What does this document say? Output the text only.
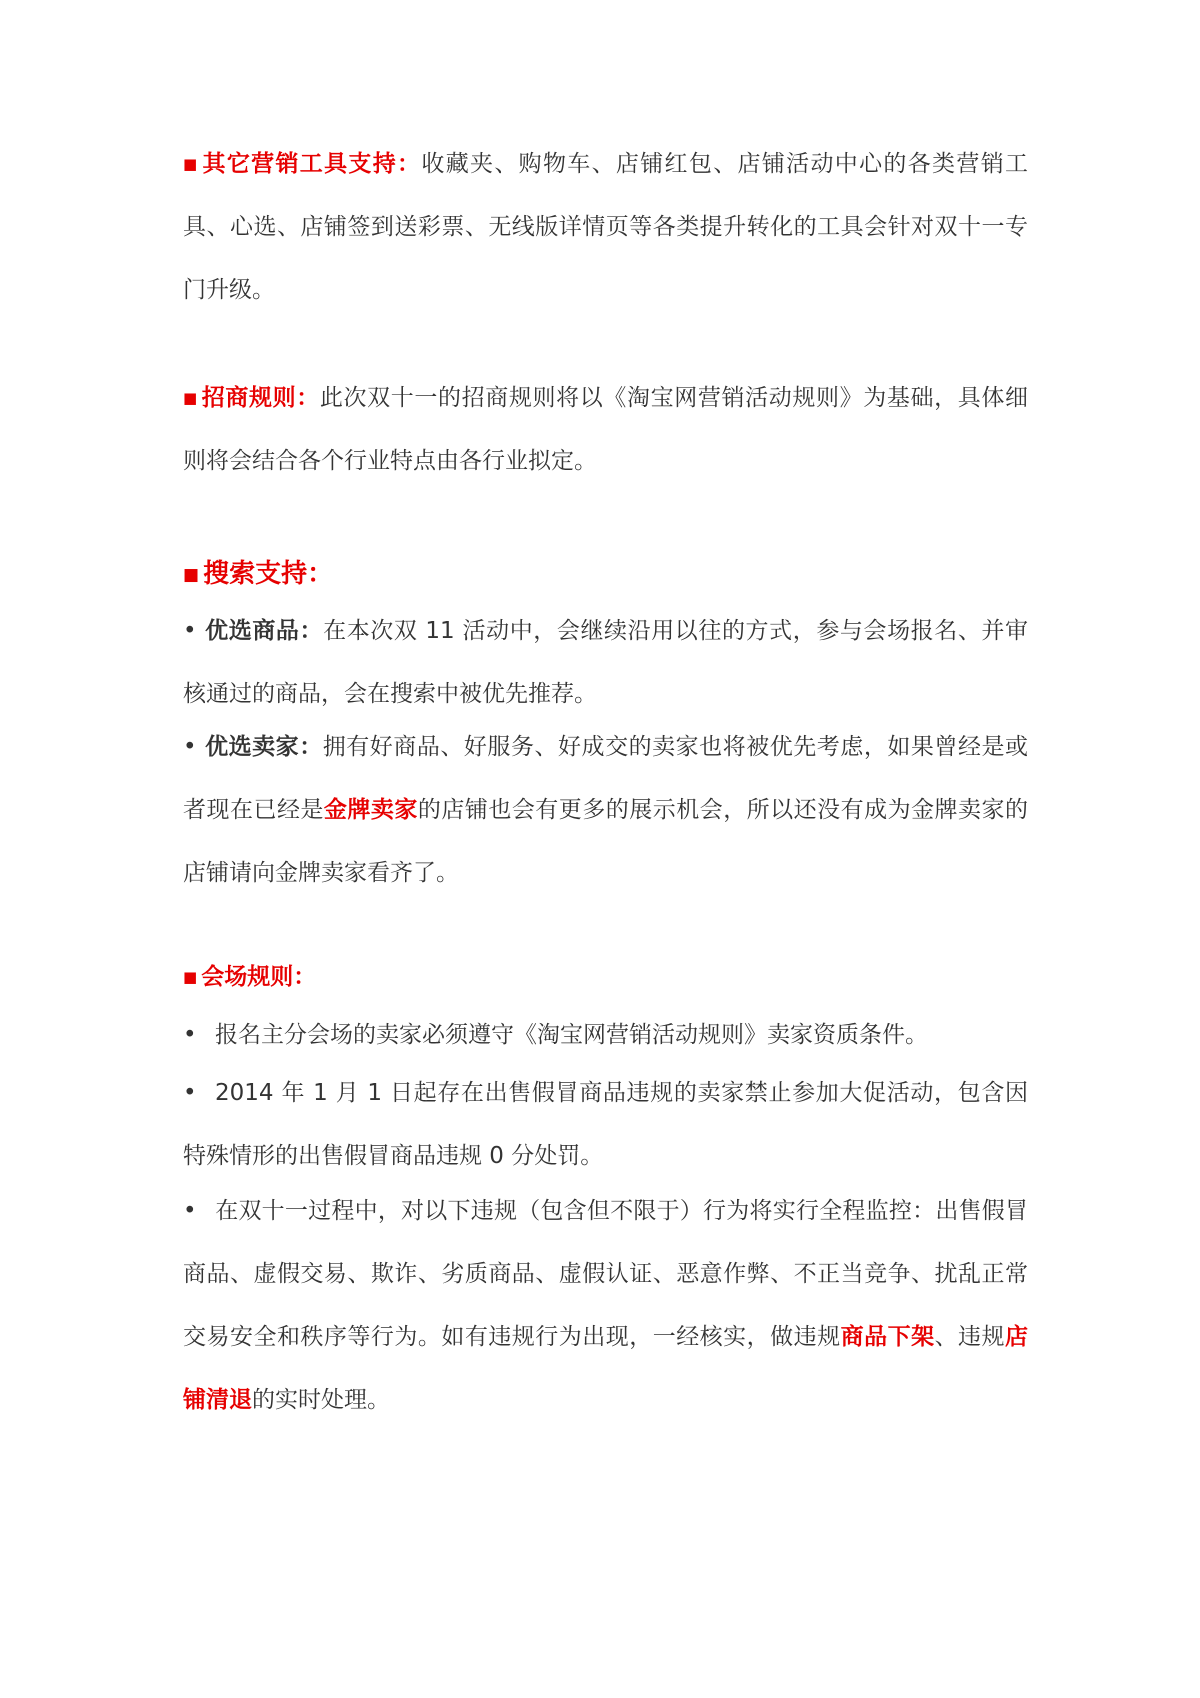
■ 其它营销工具支持：收藏夹、购物车、店铺红包、店铺活动中心的各类营销工具、心选、店铺签到送彩票、无线版详情页等各类提升转化的工具会针对双十一专门升级。

■ 招商规则：此次双十一的招商规则将以《淘宝网营销活动规则》为基础，具体细则将会结合各个行业特点由各行业拟定。

■ 搜索支持：

• 优选商品：在本次双 11 活动中，会继续沿用以往的方式，参与会场报名、并审核通过的商品，会在搜索中被优先推荐。

• 优选卖家：拥有好商品、好服务、好成交的卖家也将被优先考虑，如果曾经是或者现在已经是金牌卖家的店铺也会有更多的展示机会，所以还没有成为金牌卖家的店铺请向金牌卖家看齐了。

■ 会场规则：

• 报名主分会场的卖家必须遵守《淘宝网营销活动规则》卖家资质条件。

• 2014 年 1 月 1 日起存在出售假冒商品违规的卖家禁止参加大促活动，包含因特殊情形的出售假冒商品违规 0 分处罚。

• 在双十一过程中，对以下违规（包含但不限于）行为将实行全程监控：出售假冒商品、虚假交易、欺诈、劣质商品、虚假认证、恶意作弊、不正当竞争、扰乱正常交易安全和秩序等行为。如有违规行为出现，一经核实，做违规商品下架、违规店铺清退的实时处理。
